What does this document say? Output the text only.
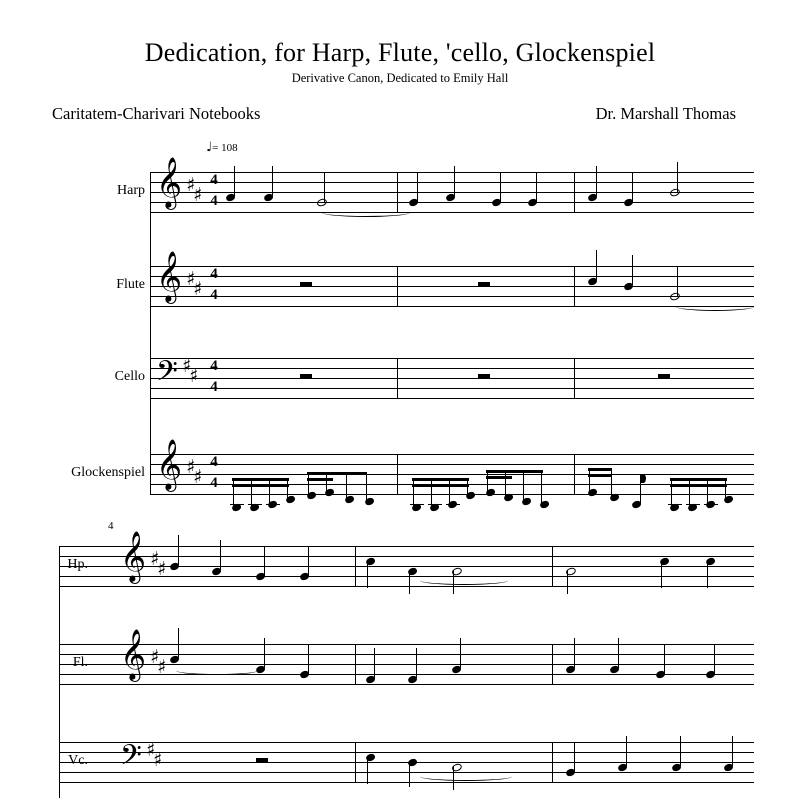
Dedication, for Harp, Flute, 'cello, Glockenspiel
Derivative Canon, Dedicated to Emily Hall
Caritatem-Charivari Notebooks	Dr. Marshall Thomas
♩= 108
Harp 𝄞 ♯
♯
4
4
Flute 𝄞 ♯
♯
4
4
Cello 𝄢 ♯
♯ 4
4
Glockenspiel 𝄞 ♯
♯
4
4
4
Hp. 𝄞 ♯
♯
Fl. 𝄞 ♯
♯
Vc. 𝄢 ♯
♯
